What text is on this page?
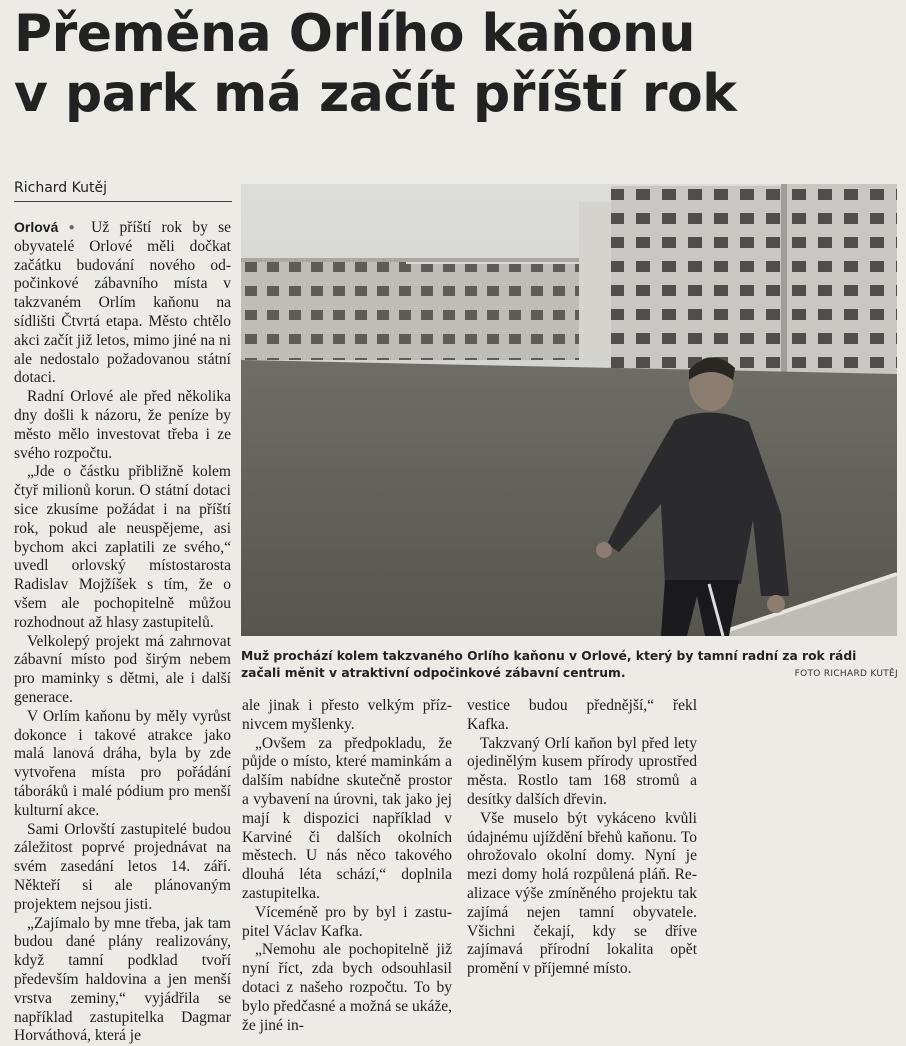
Přeměna Orlího kaňonu
v park má začít příští rok
Richard Kutěj

Orlová ● Už příští rok by se obyvatelé Orlové měli dočkat začátku budování nového odpočinkové zábavního místa v takzvaném Orlím kaňonu na sídlišti Čtvrtá etapa. Město chtělo akci začít již letos, mimo jiné na ni ale nedostalo požadovanou státní dotaci.

Radní Orlové ale před několika dny došli k názoru, že peníze by město mělo investovat třeba i ze svého rozpočtu.

„Jde o částku přibližně kolem čtyř milionů korun. O státní dotaci sice zkusíme požádat i na příští rok, pokud ale neuspějeme, asi bychom akci zaplatili ze svého,“ uvedl orlovský místostarosta Radislav Mojžíšek s tím, že o všem ale pochopitelně můžou rozhodnout až hlasy zastupitelů.

Velkolepý projekt má zahrnovat zábavní místo pod širým nebem pro maminky s dětmi, ale i další generace.

V Orlím kaňonu by měly vyrůst dokonce i takové atrakce jako malá lanová dráha, byla by zde vytvořena místa pro pořádání táboráků i malé pódium pro menší kulturní akce.

Sami Orlovští zastupitelé budou záležitost poprvé projednávat na svém zasedání letos 14. září. Někteří si ale plánovaným projektem nejsou jisti.

„Zajímalo by mne třeba, jak tam budou dané plány realizovány, když tamní podklad tvoří především haldovina a jen menší vrstva zeminy,“ vyjádřila se například zastupitelka Dagmar Horváthová, která je

Muž prochází kolem takzvaného Orlího kaňonu v Orlové, který by tamní radní za rok rádi začali měnit v atraktivní odpočinkové zábavní centrum.	FOTO RICHARD KUTĚJ

ale jinak i přesto velkým příznivcem myšlenky.

„Ovšem za předpokladu, že půjde o místo, které maminkám a dalším nabídne skutečně prostor a vybavení na úrovni, tak jako jej mají k dispozici například v Karviné či dalších okolních městech. U nás něco takového dlouhá léta schází,“ doplnila zastupitelka.

Víceméně pro by byl i zastupitel Václav Kafka.

„Nemohu ale pochopitelně již nyní říct, zda bych odsouhlasil dotaci z našeho rozpočtu. To by bylo předčasné a možná se ukáže, že jiné in-

vestice budou přednější,“ řekl Kafka.

Takzvaný Orlí kaňon byl před lety ojedinělým kusem přírody uprostřed města. Rostlo tam 168 stromů a desítky dalších dřevin.

Vše muselo být vykáceno kvůli údajnému ujíždění břehů kaňonu. To ohrožovalo okolní domy. Nyní je mezi domy holá rozpůlená pláň. Realizace výše zmíněného projektu tak zajímá nejen tamní obyvatele. Všichni čekají, kdy se dříve zajímavá přírodní lokalita opět promění v příjemné místo.
